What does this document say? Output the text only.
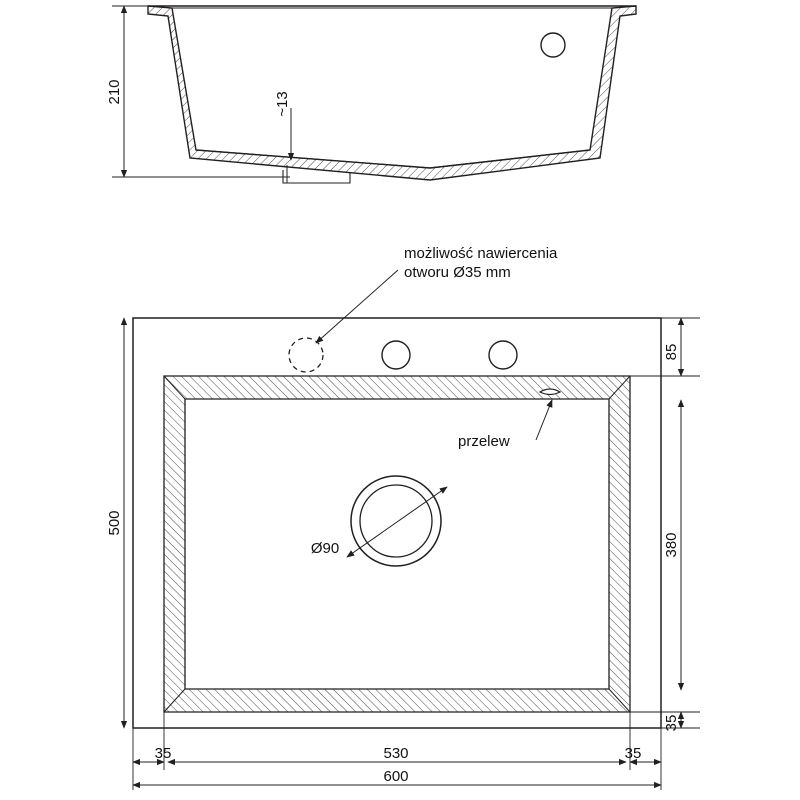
210	~13
Ø90
możliwość nawiercenia
otworu Ø35 mm
przelew
500
85
380
35
35	530	35
600
